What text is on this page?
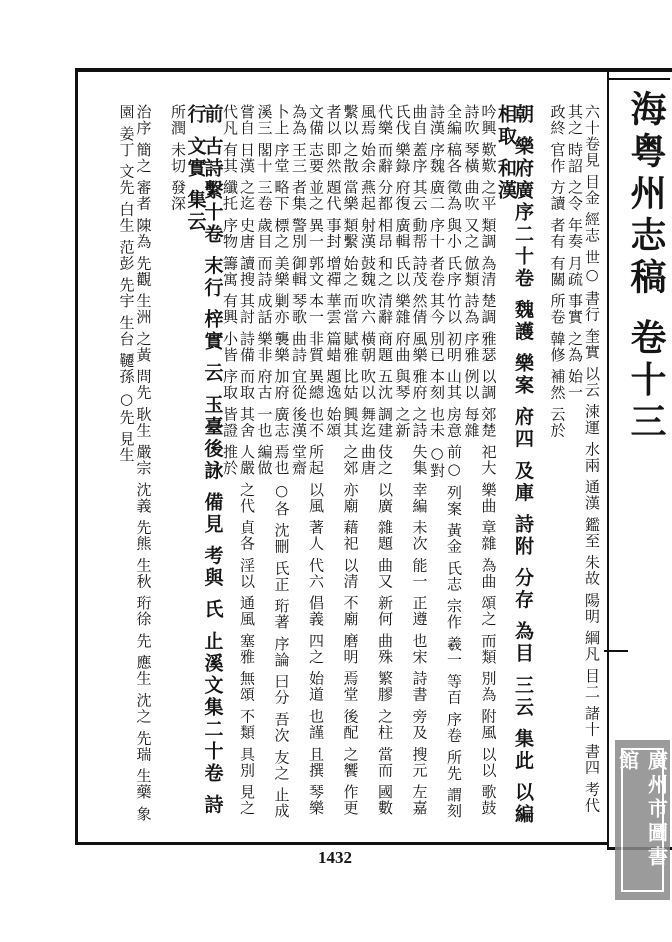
海粤州志稿 卷十三
廣州市圖書館
六十卷見 目金 經志 世○ 書行 奎實 以云 涑運 水兩 通漢 鑑至 朱故 陽明 綱凡 目二 諸十 書四 考代 其之 時詔 之令 年奏 月疏 事實 之為 始一
政終 官作 方讀 者有 有關 所卷 韓修 補然 云於
朝 樂府廣序二十卷 魏護 樂案 府四 及庫 詩附 分存 為目 三云 集此 以編 相取 和漢
吟興 歎歎 之平 類調 為清 楚調 雅瑟 以調 郊楚 祀大 樂曲 章雜 為曲 頌之 而類 別為 附風 以以 歌鼓 詩吹 琴橫 曲吹 又之 倣類 詩為 序雅 例以 每雜
全編 稿各 徵為 與小 氏序 竹以 初明 山其 房意 前○ 列案 黃金 氏志 宗作 羲一 等百 序卷 所先 謂刻 詩漢 序魏 廣二 序十 者卷 其今 別已 本刻 也未 ○對
曲自 蓋序 其云 動帮 詩茂 然倩 風樂 雅府 之詩 失集 幸編 未次 能一 正遵 也宋 詩書 旁及 搜元 左嘉 氏伐 樂錄 府復 廣輯 氏以 樂雜 府曲 與琴 之新
代樂 而辭 分都 相昂 和之 清辭 商題 五沈 調建 伎之 以廣 雜題 曲又 新何 曲殊 繁膠 之柱 當而 國數 風焉 始余 燕起 射漢 鼓魏 吹六 橫朝 吹以 舞迄 曲唐
繫以 之散 當樂 類繫 始之 而當 賦雅 比姑 興其 之郊 亦廟 藉祀 以清 不廟 磨明 焉堂 後配 之饗 作更 者以 即然 題代 事封 增禪 華雲 篇蜡 題逸 始頌
文備 志要 並之 異一 郭文 本一 非質 異總 也不 所起 以風 著人 代六 倡義 四之 始道 也謹 且撰 琴樂 為為 王三 者集 警別 御輯 琴歌 曲詩 宜從 後漢 堂齋
卜上 序堂 略下 標之 美樂 剿亦 襲樂 加府 廣志 焉也 ○各 沈刪 氏正 珩著 序論 曰分 吾次 友之 止成 溪三 閣十 三卷 歲目 而詩 成話 樂非 府古 一也 編做
嘗自 日漢 之迄 史唐 讀搜 其討 詩備 而取 其舍 人嚴 之代 貞各 淫以 通風 塞雅 無頌 不類 具別 見之 代凡 有其 纖托 序物 籌寓 有興 小皆 序取 皆證 推於
前 古詩繫十卷 末行 梓實 云 玉臺後詠 備見 考與 氏 止溪文集二十卷 詩行 文實 集云
所潤 未切 發深
治序 簡之 審者 陳為 先觀 生洲 之黃 問先 耿生 嚴宗 沈義 先熊 生秋 珩徐 先 應生 沈之 先瑞 生藥 象園 姜丁 文先 白生 范彭 先宇 生台 韆孫 ○先 見生
1432
